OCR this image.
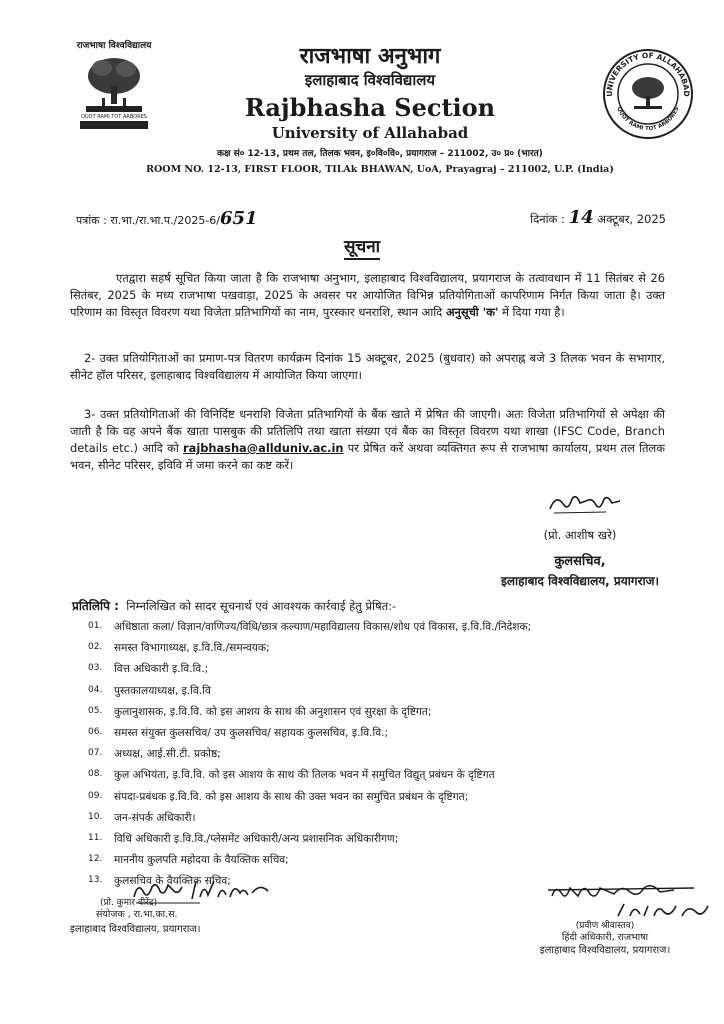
राजभाषा विश्वविद्यालय
QUOT RAMI TOT ARBORES
राजभाषा अनुभाग
इलाहाबाद विश्वविद्यालय
Rajbhasha Section
University of Allahabad
कक्ष सं० 12-13, प्रथम तल, तिलक भवन, इ०वि०वि०, प्रयागराज – 211002, उ० प्र० (भारत)
ROOM NO. 12-13, FIRST FLOOR, TILAk BHAWAN, UoA, Prayagraj – 211002, U.P. (India)
UNIVERSITY OF ALLAHABAD
QUOT RAMI TOT ARBORES
पत्रांक : रा.भा./रा.भा.प./2025-6/651	दिनांक : 14 अक्टूबर, 2025
सूचना
एतद्वारा सहर्ष सूचित किया जाता है कि राजभाषा अनुभाग, इलाहाबाद विश्वविद्यालय, प्रयागराज के तत्वावधान में 11 सितंबर से 26 सितंबर, 2025 के मध्य राजभाषा पखवाड़ा, 2025 के अवसर पर आयोजित विभिन्न प्रतियोगिताओं कापरिणाम निर्गत किया जाता है। उक्त परिणाम का विस्तृत विवरण यथा विजेता प्रतिभागियों का नाम, पुरस्कार धनराशि, स्थान आदि अनुसूची 'क' में दिया गया है।
2- उक्त प्रतियोगिताओं का प्रमाण-पत्र वितरण कार्यक्रम दिनांक 15 अक्टूबर, 2025 (बुधवार) को अपराह्न बजे 3 तिलक भवन के सभागार, सीनेट हॉल परिसर, इलाहाबाद विश्वविद्यालय में आयोजित किया जाएगा।
3- उक्त प्रतियोगिताओं की विनिर्दिष्ट धनराशि विजेता प्रतिभागियों के बैंक खाते में प्रेषित की जाएगी। अतः विजेता प्रतिभागियों से अपेक्षा की जाती है कि वह अपने बैंक खाता पासबुक की प्रतिलिपि तथा खाता संख्या एवं बैंक का विस्तृत विवरण यथा शाखा (IFSC Code, Branch details etc.) आदि को rajbhasha@allduniv.ac.in पर प्रेषित करें अथवा व्यक्तिगत रूप से राजभाषा कार्यालय, प्रथम तल तिलक भवन, सीनेट परिसर, इविवि में जमा करने का कष्ट करें।
(प्रो. आशीष खरे)
कुलसचिव,
इलाहाबाद विश्वविद्यालय, प्रयागराज।
प्रतिलिपि : निम्नलिखित को सादर सूचनार्थ एवं आवश्यक कार्रवाई हेतु प्रेषित:-
01.	अधिष्ठाता कला/ विज्ञान/वाणिज्य/विधि/छात्र कल्याण/महाविद्यालय विकास/शोध एवं विकास, इ.वि.वि./निदेशक;
02.	समस्त विभागाध्यक्ष, इ.वि.वि./समन्वयक;
03.	वित्त अधिकारी इ.वि.वि.;
04.	पुस्तकालयाध्यक्ष, इ.वि.वि
05.	कुलानुशासक, इ.वि.वि. को इस आशय के साथ की अनुशासन एवं सुरक्षा के दृष्टिगत;
06.	समस्त संयुक्त कुलसचिव/ उप कुलसचिव/ सहायक कुलसचिव, इ.वि.वि.;
07.	अध्यक्ष, आई.सी.टी. प्रकोष्ठ;
08.	कुल अभियंता, इ.वि.वि. को इस आशय के साथ की तिलक भवन में समुचित विद्युत् प्रबंधन के दृष्टिगत
09.	संपदा-प्रबंधक इ.वि.वि. को इस आशय के साथ की उक्त भवन का समुचित प्रबंधन के दृष्टिगत;
10.	जन-संपर्क अधिकारी।
11.	विधि अधिकारी इ.वि.वि./प्लेसमेंट अधिकारी/अन्य प्रशासनिक अधिकारीगण;
12.	माननीय कुलपति महोदया के वैयक्तिक सचिव;
13.	कुलसचिव के वैयक्तिक सचिव;
(प्रो. कुमार वीरेंद्र)
संयोजक , रा.भा.का.स.
इलाहाबाद विश्वविद्यालय, प्रयागराज।	(प्रवीण श्रीवास्तव)
हिंदी अधिकारी, राजभाषा
इलाहाबाद विश्वविद्यालय, प्रयागराज।
